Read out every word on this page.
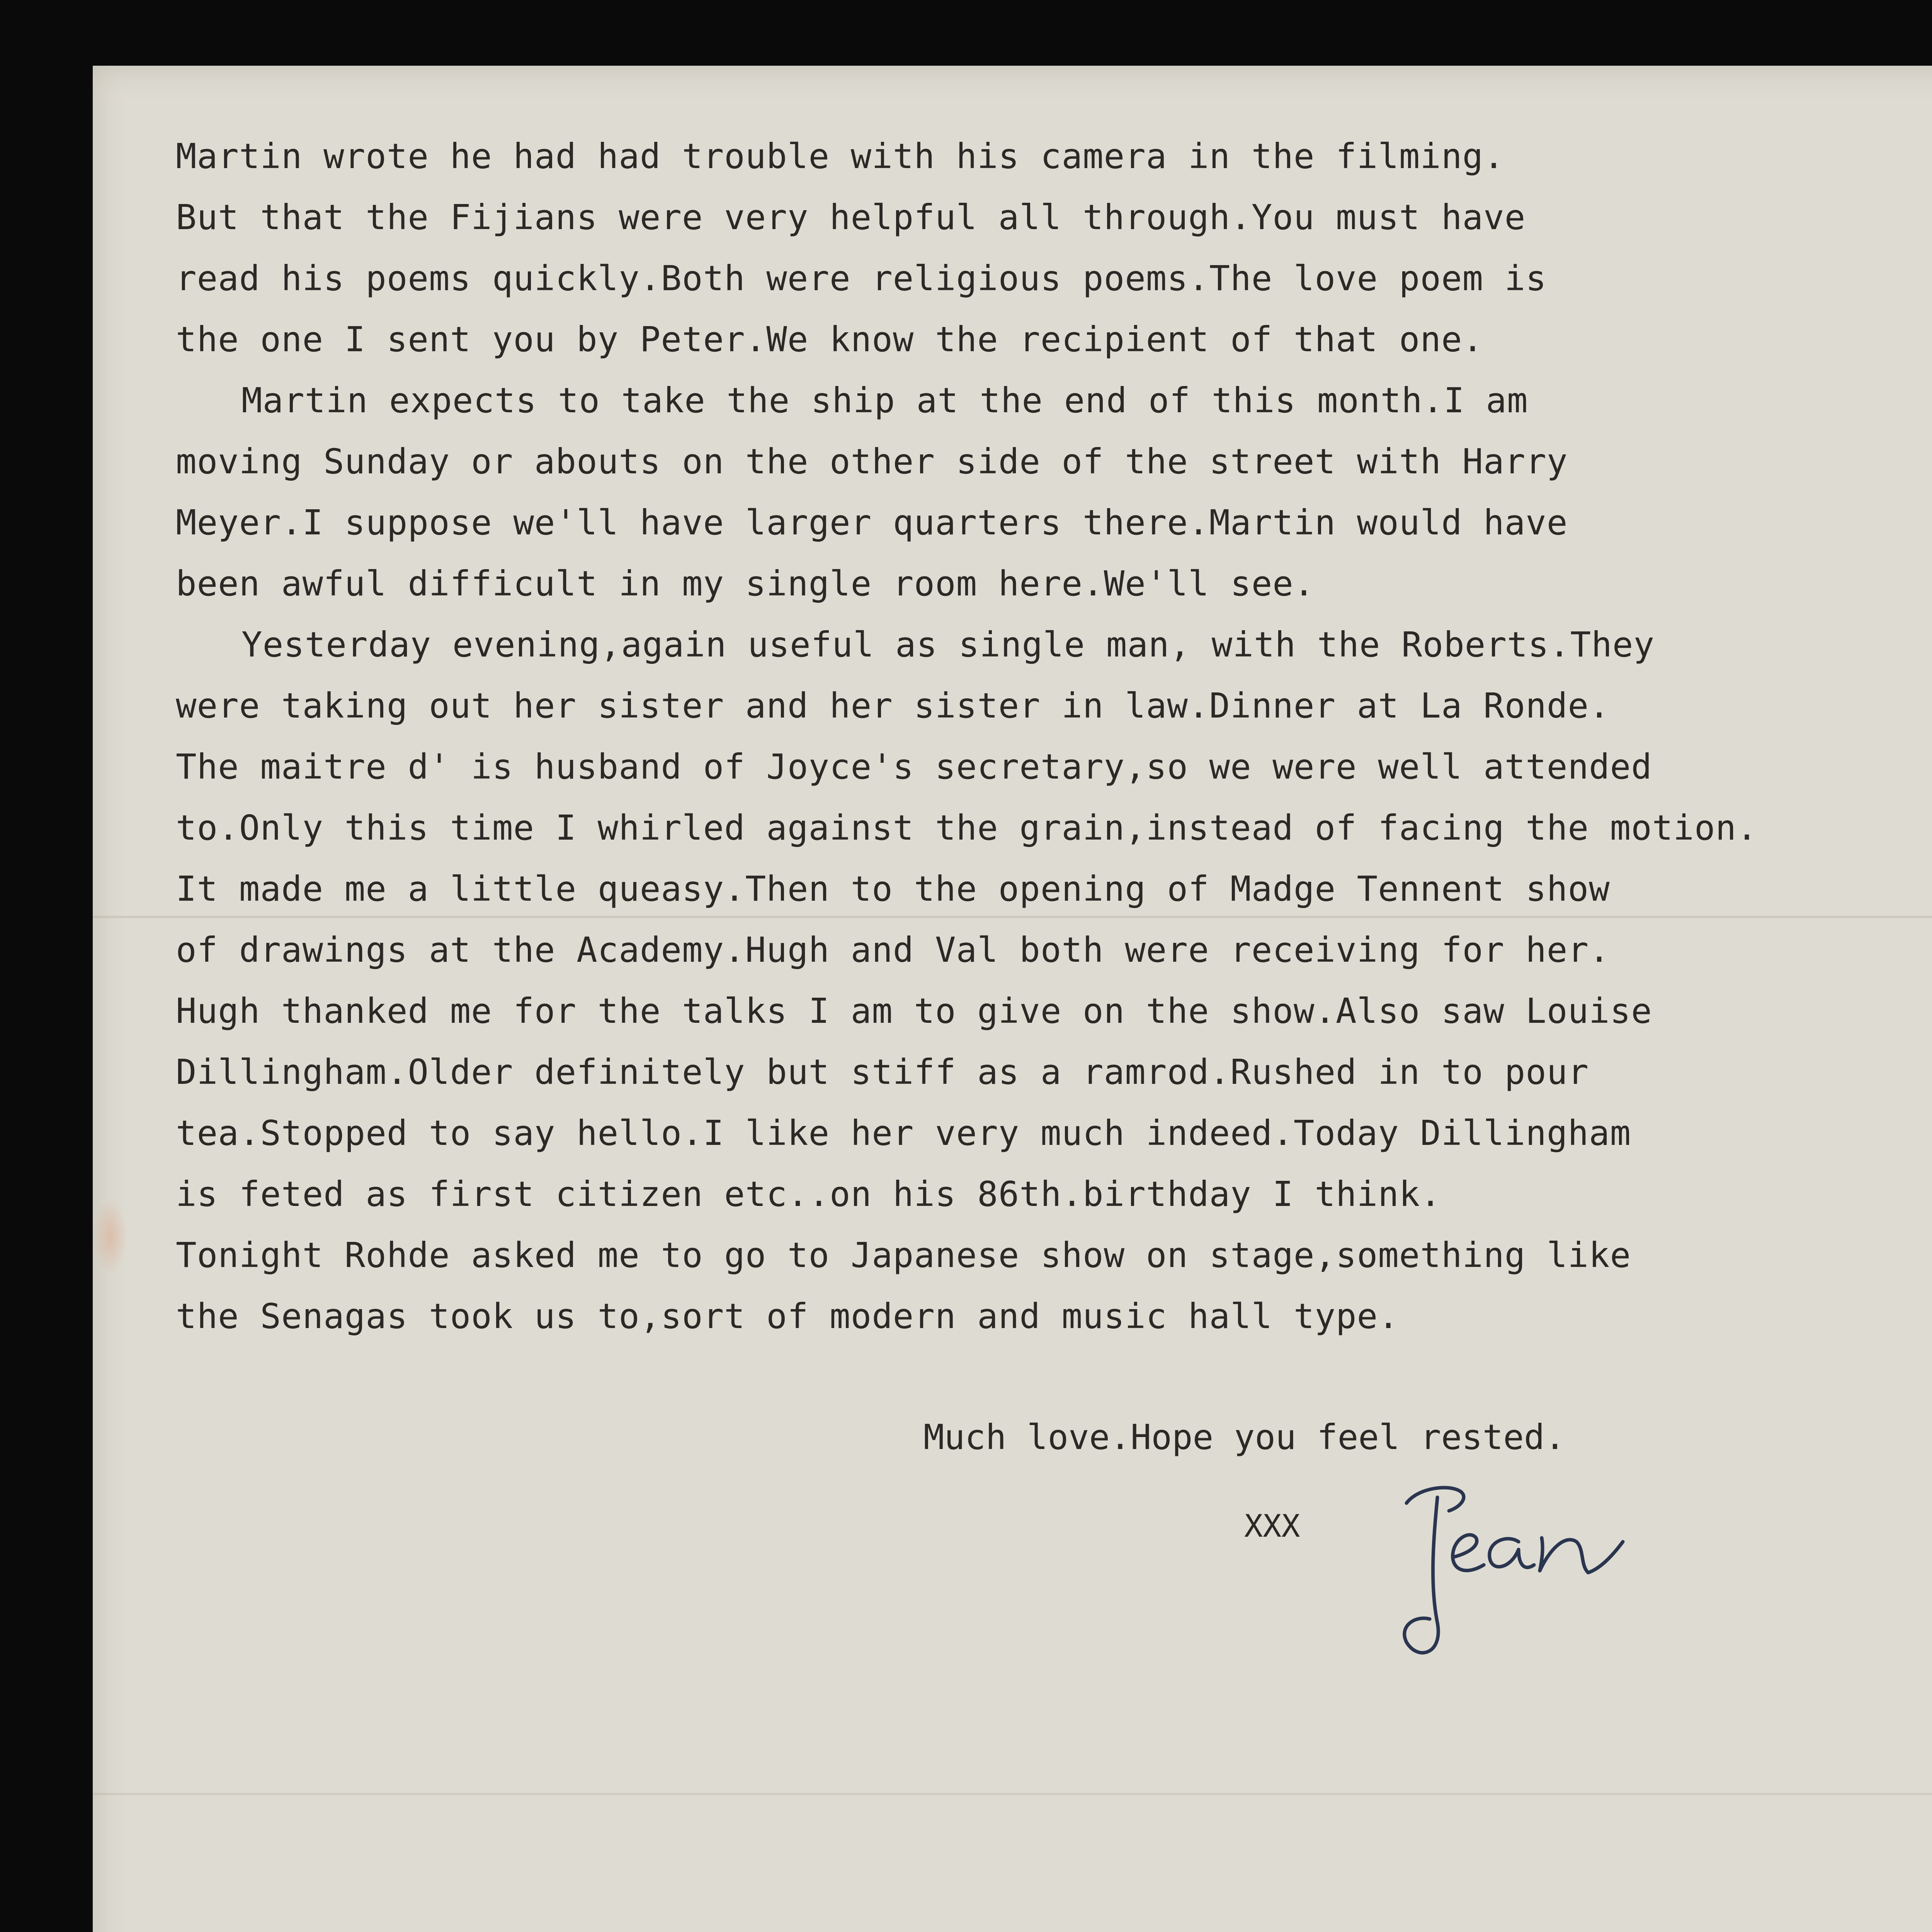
Martin wrote he had had trouble with his camera in the filming.
But that the Fijians were very helpful all through.You must have
read his poems quickly.Both were religious poems.The love poem is
the one I sent you by Peter.We know the recipient of that one.
Martin expects to take the ship at the end of this month.I am
moving Sunday or abouts on the other side of the street with Harry
Meyer.I suppose we'll have larger quarters there.Martin would have
been awful difficult in my single room here.We'll see.
Yesterday evening,again useful as single man, with the Roberts.They
were taking out her sister and her sister in law.Dinner at La Ronde.
The maitre d' is husband of Joyce's secretary,so we were well attended
to.Only this time I whirled against the grain,instead of facing the motion.
It made me a little queasy.Then to the opening of Madge Tennent show
of drawings at the Academy.Hugh and Val both were receiving for her.
Hugh thanked me for the talks I am to give on the show.Also saw Louise
Dillingham.Older definitely but stiff as a ramrod.Rushed in to pour
tea.Stopped to say hello.I like her very much indeed.Today Dillingham
is feted as first citizen etc..on his 86th.birthday I think.
Tonight Rohde asked me to go to Japanese show on stage,something like
the Senagas took us to,sort of modern and music hall type.
Much love.Hope you feel rested.
XXX
